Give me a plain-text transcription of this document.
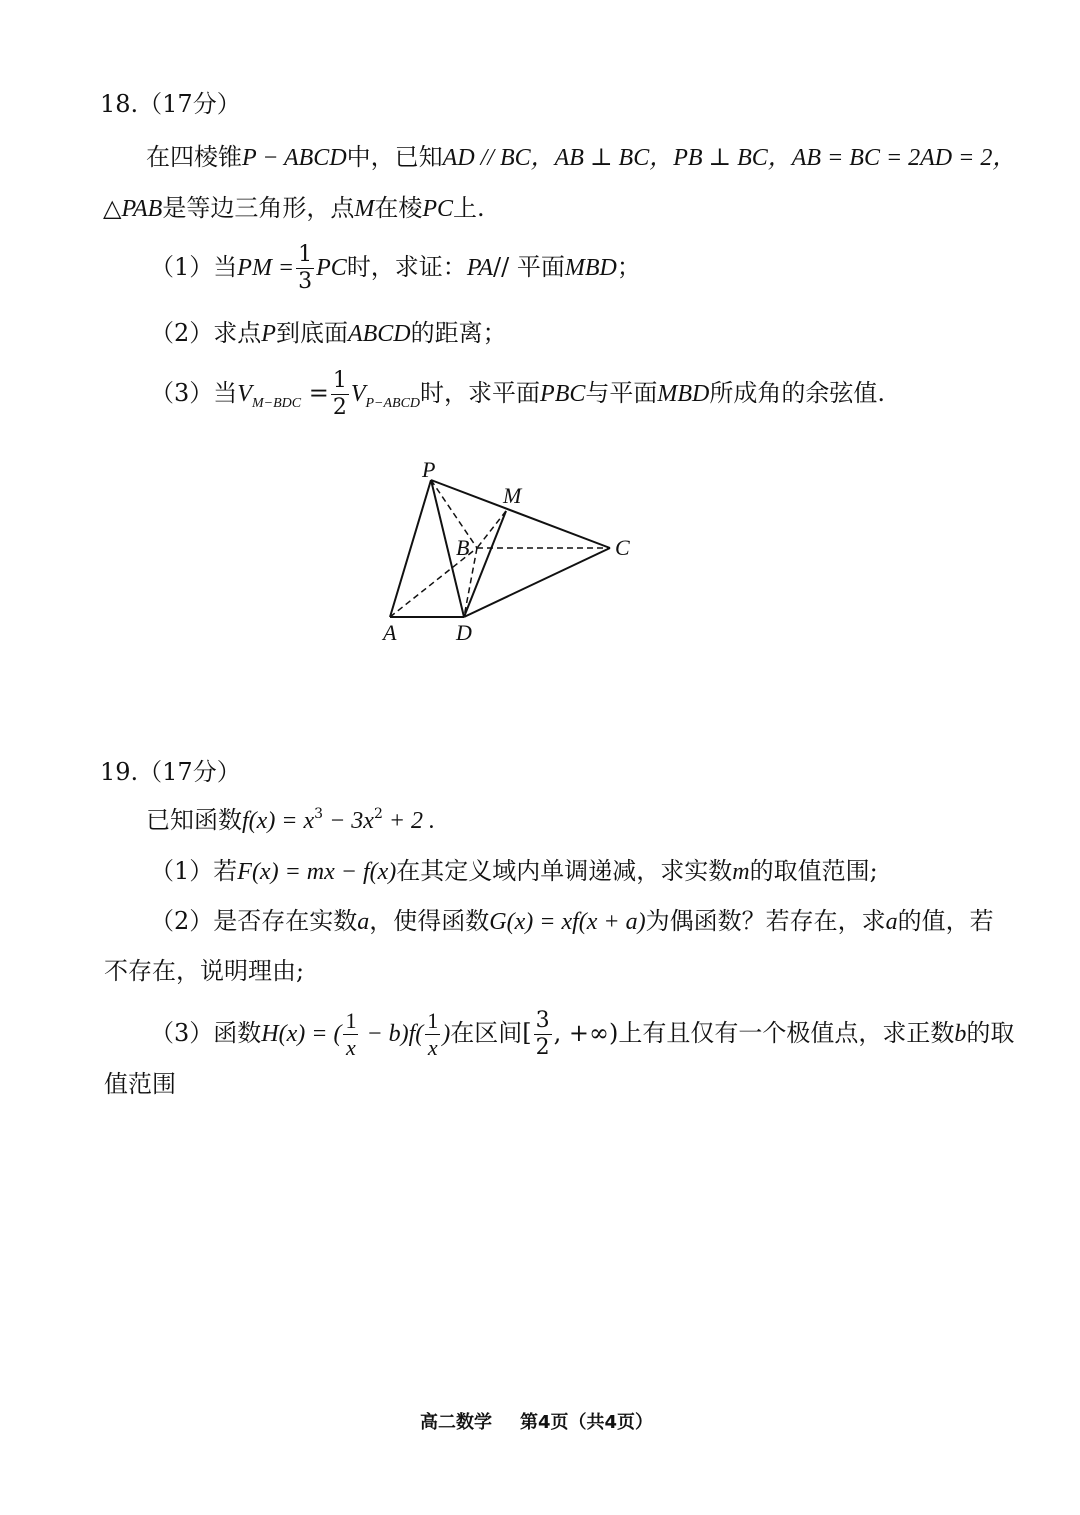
18.（17分）
在四棱锥P − ABCD中，已知AD // BC，AB ⊥ BC，PB ⊥ BC，AB = BC = 2AD = 2，
△PAB是等边三角形，点M在棱PC上.
（1）当PM = $\frac{1}{3}$ PC时，求证：PA// 平面MBD；
（2）求点P到底面ABCD的距离；
（3）当$V_{M-BDC} = \frac{1}{2} V_{P-ABCD}$时，求平面PBC与平面MBD所成角的余弦值.
P
M
B	C
A	D
19.（17分）
已知函数$f(x) = x^3 - 3x^2 + 2$ .
（1）若F(x) = mx − f(x)在其定义域内单调递减，求实数m的取值范围;
（2）是否存在实数a，使得函数G(x) = xf(x + a)为偶函数？若存在，求a的值，若
不存在，说明理由;
（3）函数H(x) = ( $\frac{1}{x} - b)f( \frac{1}{x}$ )在区间[ $\frac{3}{2}$ , +∞)上有且仅有一个极值点，求正数b的取
值范围
高二数学 第4页（共4页）
